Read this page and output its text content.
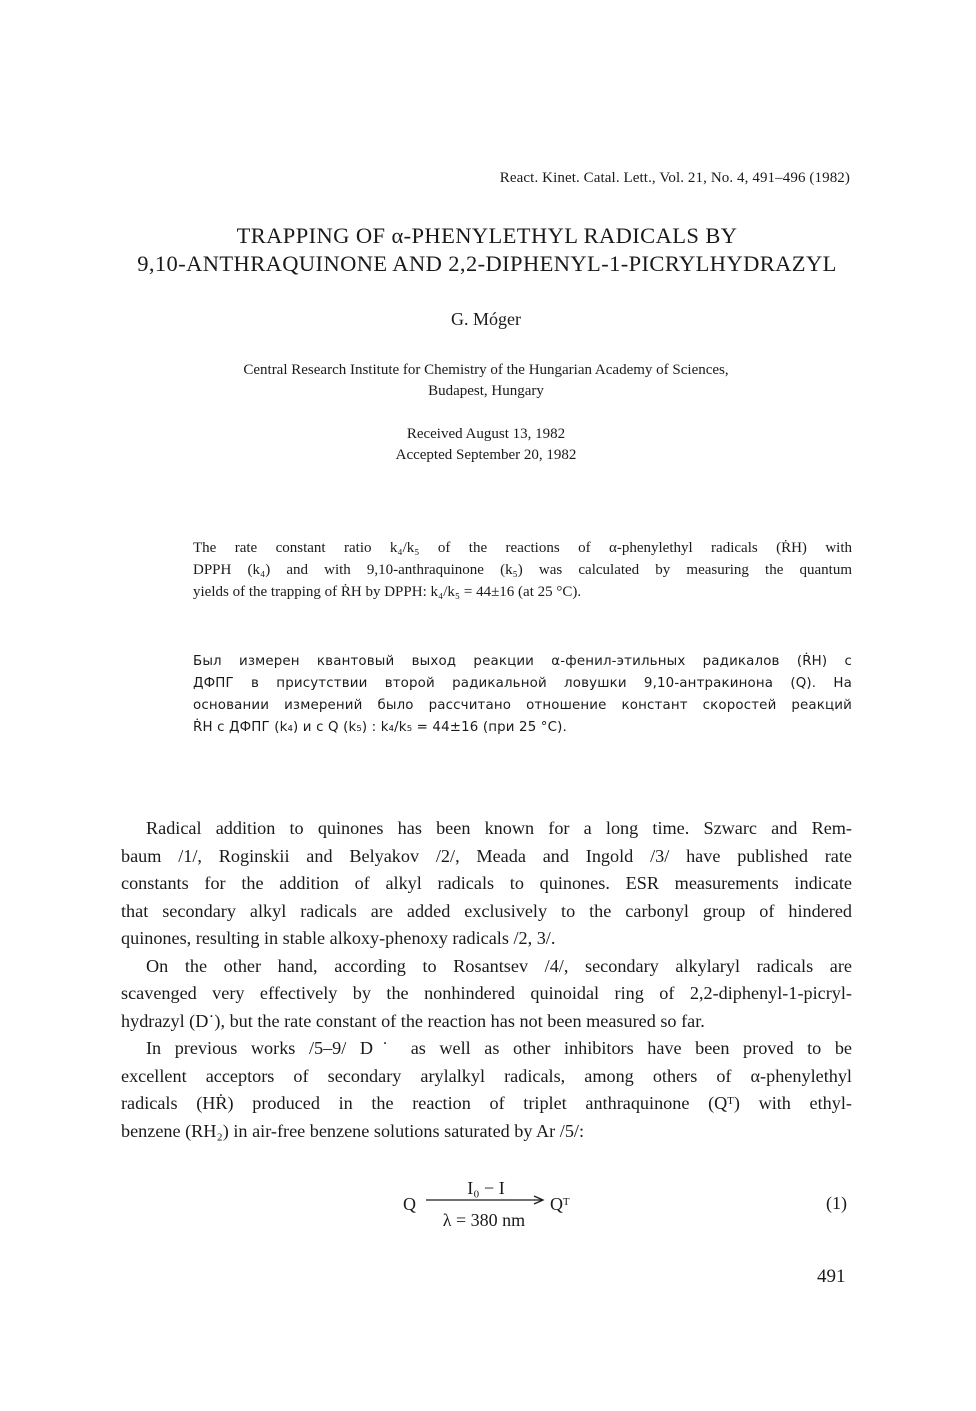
React. Kinet. Catal. Lett., Vol. 21, No. 4, 491–496 (1982)
TRAPPING OF α-PHENYLETHYL RADICALS BY
9,10-ANTHRAQUINONE AND 2,2-DIPHENYL-1-PICRYLHYDRAZYL
G. Móger
Central Research Institute for Chemistry of the Hungarian Academy of Sciences,
Budapest, Hungary
Received August 13, 1982
Accepted September 20, 1982
The rate constant ratio k₄/k₅ of the reactions of α-phenylethyl radicals (ṘH) with
DPPH (k₄) and with 9,10-anthraquinone (k₅) was calculated by measuring the quantum
yields of the trapping of ṘH by DPPH: k₄/k₅ = 44±16 (at 25 °C).
Был измерен квантовый выход реакции α-фенил-этильных радикалов (ṘH) с
ДФПГ в присутствии второй радикальной ловушки 9,10-антракинона (Q). На
основании измерений было рассчитано отношение констант скоростей реакций
ṘH с ДФПГ (k₄) и с Q (k₅) : k₄/k₅ = 44±16 (при 25 °C).
Radical addition to quinones has been known for a long time. Szwarc and Rem-
baum /1/, Roginskii and Belyakov /2/, Meada and Ingold /3/ have published rate
constants for the addition of alkyl radicals to quinones. ESR measurements indicate
that secondary alkyl radicals are added exclusively to the carbonyl group of hindered
quinones, resulting in stable alkoxy-phenoxy radicals /2, 3/.
On the other hand, according to Rosantsev /4/, secondary alkylaryl radicals are
scavenged very effectively by the nonhindered quinoidal ring of 2,2-diphenyl-1-picryl-
hydrazyl (D˙), but the rate constant of the reaction has not been measured so far.
In previous works /5–9/ D˙ as well as other inhibitors have been proved to be
excellent acceptors of secondary arylalkyl radicals, among others of α-phenylethyl
radicals (HṘ) produced in the reaction of triplet anthraquinone (Qᵀ) with ethyl-
benzene (RH₂) in air-free benzene solutions saturated by Ar /5/:
Q
I₀ − I
λ = 380 nm
Qᵀ	(1)
491
